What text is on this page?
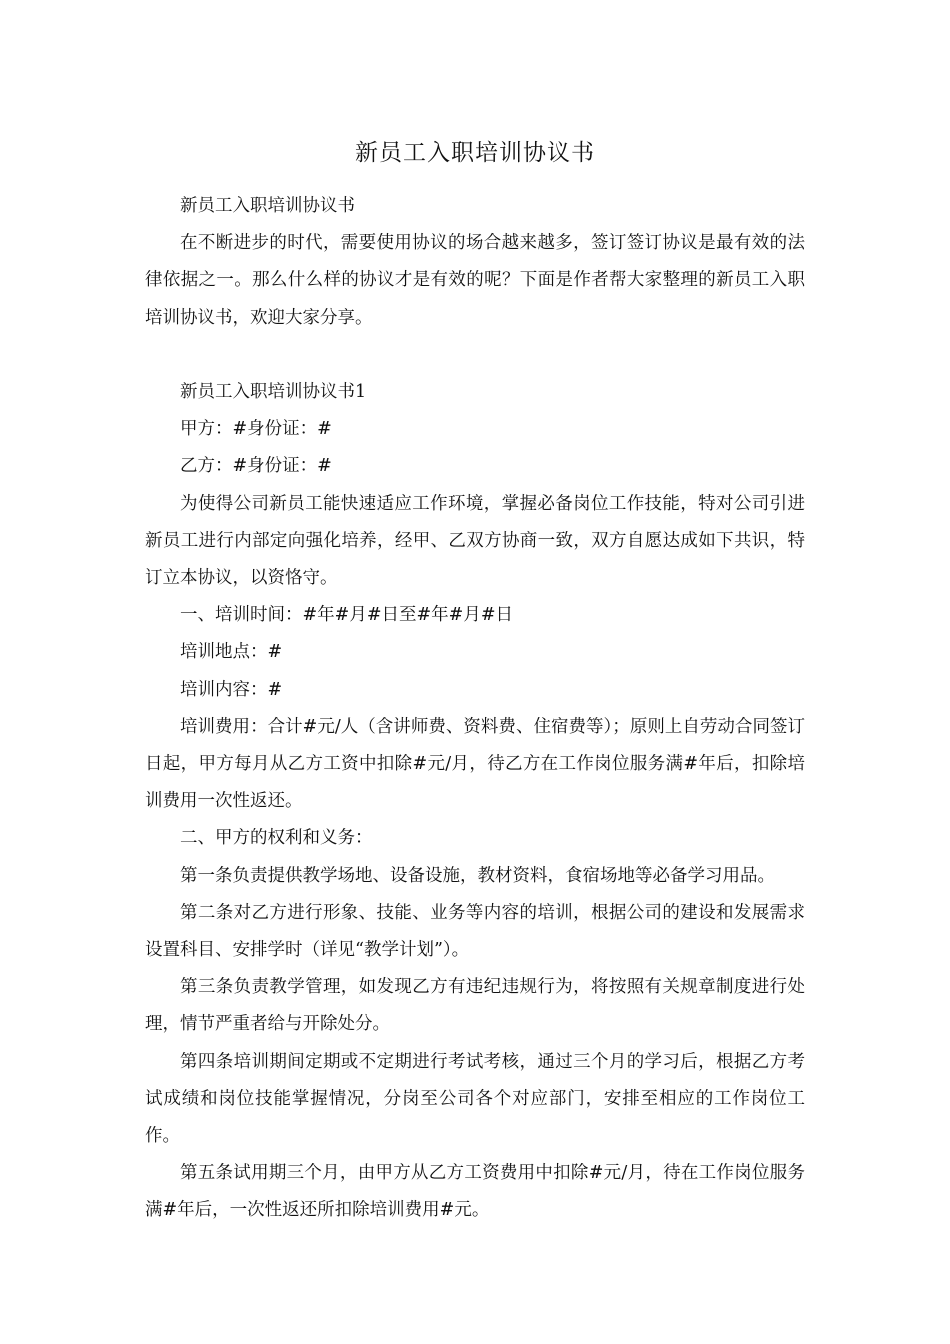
新员工入职培训协议书

新员工入职培训协议书

在不断进步的时代，需要使用协议的场合越来越多，签订签订协议是最有效的法律依据之一。那么什么样的协议才是有效的呢？下面是作者帮大家整理的新员工入职培训协议书，欢迎大家分享。

新员工入职培训协议书1

甲方：#身份证：#

乙方：#身份证：#

为使得公司新员工能快速适应工作环境，掌握必备岗位工作技能，特对公司引进新员工进行内部定向强化培养，经甲、乙双方协商一致，双方自愿达成如下共识，特订立本协议，以资恪守。

一、培训时间：#年#月#日至#年#月#日

培训地点：#

培训内容：#

培训费用：合计#元/人（含讲师费、资料费、住宿费等）；原则上自劳动合同签订日起，甲方每月从乙方工资中扣除#元/月，待乙方在工作岗位服务满#年后，扣除培训费用一次性返还。

二、甲方的权利和义务：

第一条负责提供教学场地、设备设施，教材资料，食宿场地等必备学习用品。

第二条对乙方进行形象、技能、业务等内容的培训，根据公司的建设和发展需求设置科目、安排学时（详见“教学计划”）。

第三条负责教学管理，如发现乙方有违纪违规行为，将按照有关规章制度进行处理，情节严重者给与开除处分。

第四条培训期间定期或不定期进行考试考核，通过三个月的学习后，根据乙方考试成绩和岗位技能掌握情况，分岗至公司各个对应部门，安排至相应的工作岗位工作。

第五条试用期三个月，由甲方从乙方工资费用中扣除#元/月，待在工作岗位服务满#年后，一次性返还所扣除培训费用#元。
